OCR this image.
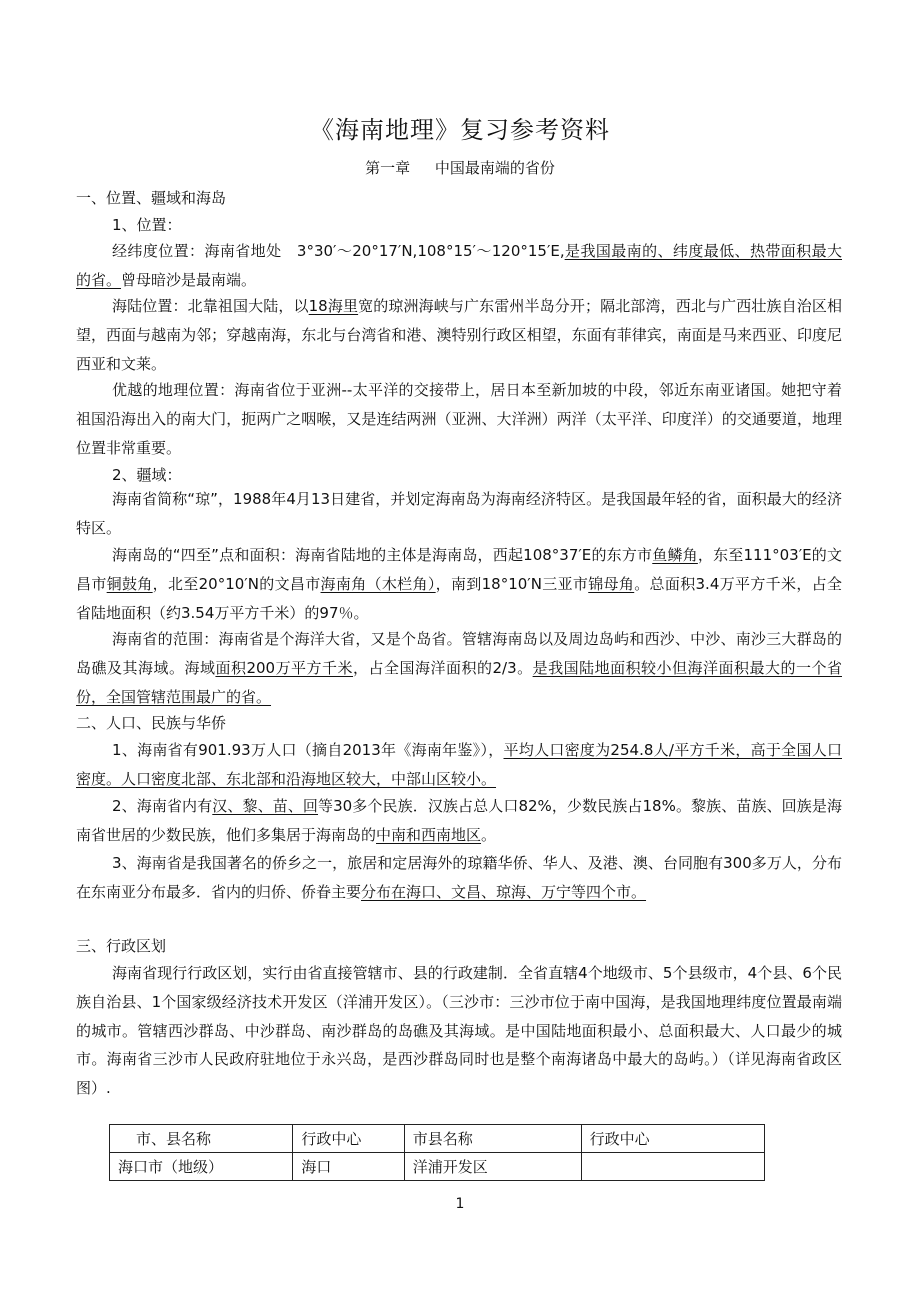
《海南地理》复习参考资料
第一章 中国最南端的省份
一、位置、疆域和海岛
1、位置：

经纬度位置：海南省地处　3°30′～20°17′N,108°15′～120°15′E,是我国最南的、纬度最低、热带面积最大的省。曾母暗沙是最南端。

海陆位置：北靠祖国大陆，以18海里宽的琼洲海峡与广东雷州半岛分开；隔北部湾，西北与广西壮族自治区相望，西面与越南为邻；穿越南海，东北与台湾省和港、澳特别行政区相望，东面有菲律宾，南面是马来西亚、印度尼西亚和文莱。

优越的地理位置：海南省位于亚洲--太平洋的交接带上，居日本至新加坡的中段，邻近东南亚诸国。她把守着祖国沿海出入的南大门，扼两广之咽喉，又是连结两洲（亚洲、大洋洲）两洋（太平洋、印度洋）的交通要道，地理位置非常重要。

2、疆域：

海南省简称“琼”，1988年4月13日建省，并划定海南岛为海南经济特区。是我国最年轻的省，面积最大的经济特区。

海南岛的“四至”点和面积：海南省陆地的主体是海南岛，西起108°37′E的东方市鱼鳞角，东至111°03′E的文昌市铜鼓角，北至20°10′N的文昌市海南角（木栏角），南到18°10′N三亚市锦母角。总面积3.4万平方千米，占全省陆地面积（约3.54万平方千米）的97％。

海南省的范围：海南省是个海洋大省，又是个岛省。管辖海南岛以及周边岛屿和西沙、中沙、南沙三大群岛的岛礁及其海域。海域面积200万平方千米，占全国海洋面积的2/3。是我国陆地面积较小但海洋面积最大的一个省份，全国管辖范围最广的省。

二、人口、民族与华侨

1、海南省有901.93万人口（摘自2013年《海南年鉴》），平均人口密度为254.8人/平方千米，高于全国人口密度。人口密度北部、东北部和沿海地区较大，中部山区较小。

2、海南省内有汉、黎、苗、回等30多个民族．汉族占总人口82%，少数民族占18%。黎族、苗族、回族是海南省世居的少数民族，他们多集居于海南岛的中南和西南地区。

3、海南省是我国著名的侨乡之一，旅居和定居海外的琼籍华侨、华人、及港、澳、台同胞有300多万人，分布在东南亚分布最多．省内的归侨、侨眷主要分布在海口、文昌、琼海、万宁等四个市。

三、行政区划

海南省现行行政区划，实行由省直接管辖市、县的行政建制．全省直辖4个地级市、5个县级市，4个县、6个民族自治县、1个国家级经济技术开发区（洋浦开发区）。（三沙市：三沙市位于南中国海，是我国地理纬度位置最南端的城市。管辖西沙群岛、中沙群岛、南沙群岛的岛礁及其海域。是中国陆地面积最小、总面积最大、人口最少的城市。海南省三沙市人民政府驻地位于永兴岛，是西沙群岛同时也是整个南海诸岛中最大的岛屿。）（详见海南省政区图）.

市、县名称	行政中心	市县名称	行政中心
海口市（地级）	海口	洋浦开发区	
1
